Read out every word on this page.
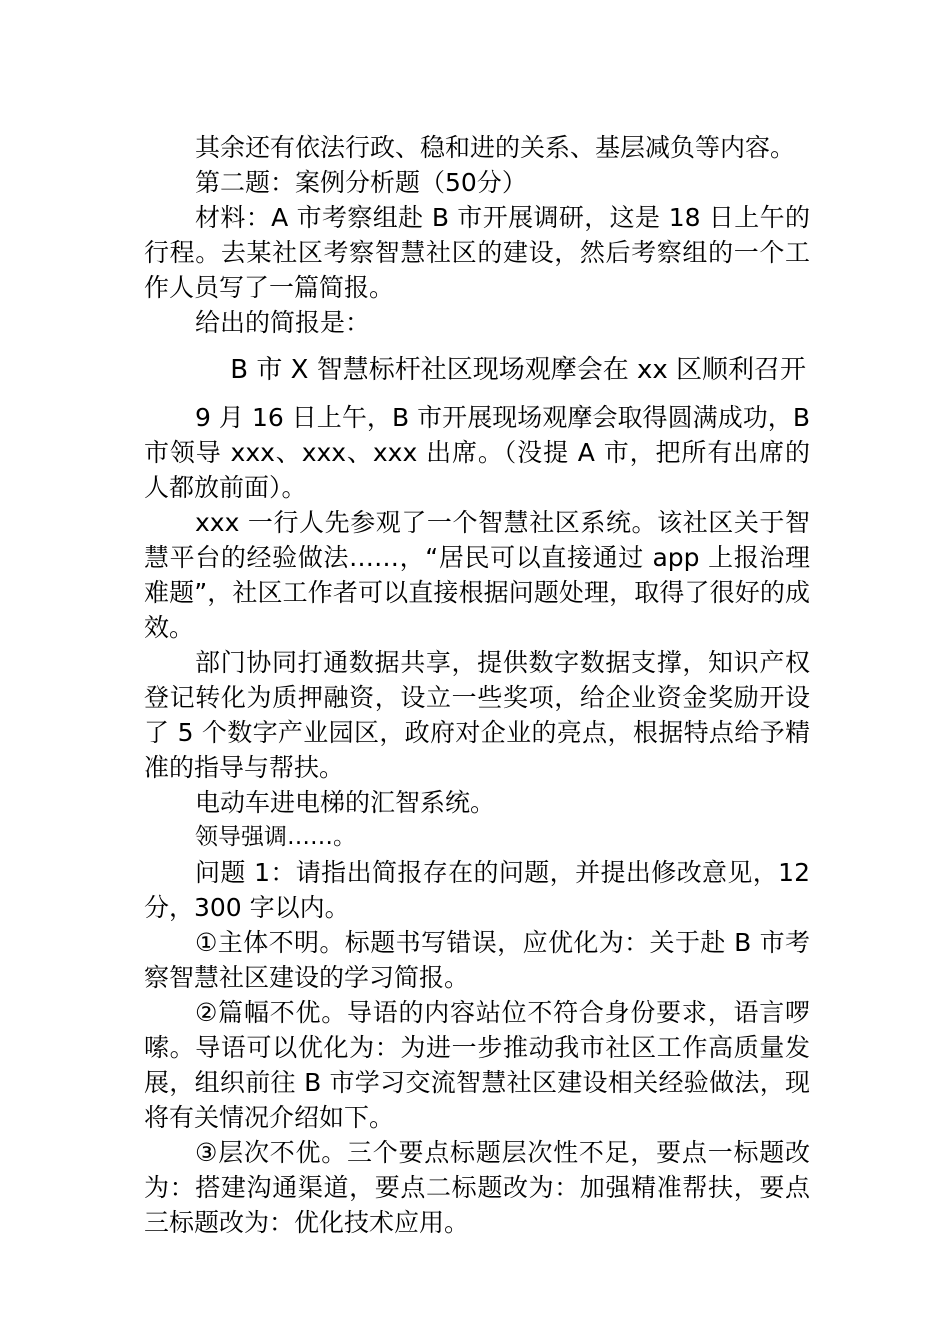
其余还有依法行政、稳和进的关系、基层减负等内容。

第二题：案例分析题（50分）

材料：A 市考察组赴 B 市开展调研，这是 18 日上午的行程。去某社区考察智慧社区的建设，然后考察组的一个工作人员写了一篇简报。

给出的简报是：

B 市 X 智慧标杆社区现场观摩会在 xx 区顺利召开

9 月 16 日上午，B 市开展现场观摩会取得圆满成功，B 市领导 xxx、xxx、xxx 出席。（没提 A 市，把所有出席的人都放前面）。

xxx 一行人先参观了一个智慧社区系统。该社区关于智慧平台的经验做法……，“居民可以直接通过 app 上报治理难题”，社区工作者可以直接根据问题处理，取得了很好的成效。

部门协同打通数据共享，提供数字数据支撑，知识产权登记转化为质押融资，设立一些奖项，给企业资金奖励开设了 5 个数字产业园区，政府对企业的亮点，根据特点给予精准的指导与帮扶。

电动车进电梯的汇智系统。

领导强调……。

问题 1：请指出简报存在的问题，并提出修改意见，12 分，300 字以内。

①主体不明。标题书写错误，应优化为：关于赴 B 市考察智慧社区建设的学习简报。

②篇幅不优。导语的内容站位不符合身份要求，语言啰嗦。导语可以优化为：为进一步推动我市社区工作高质量发展，组织前往 B 市学习交流智慧社区建设相关经验做法，现将有关情况介绍如下。

③层次不优。三个要点标题层次性不足，要点一标题改为：搭建沟通渠道，要点二标题改为：加强精准帮扶，要点三标题改为：优化技术应用。
